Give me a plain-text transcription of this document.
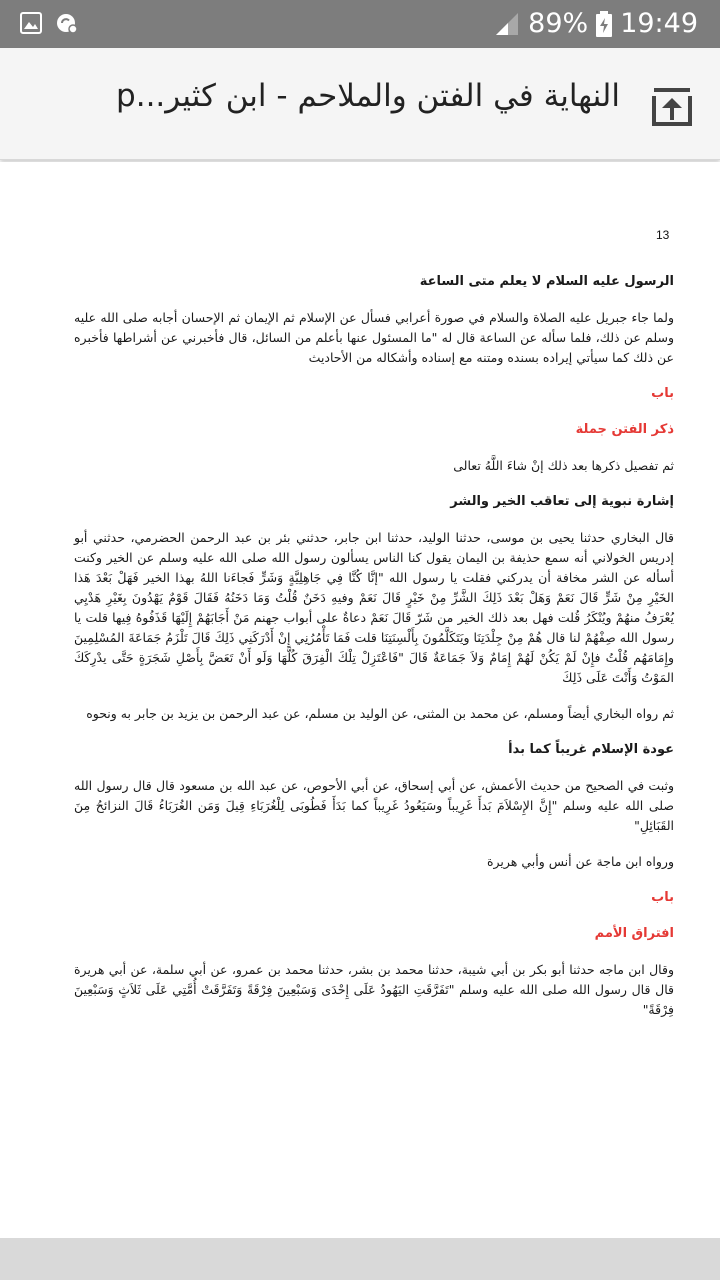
89% 19:49
النهاية في الفتن والملاحم - ابن كثير...p
13
الرسول عليه السلام لا يعلم متى الساعة
ولما جاء جبريل عليه الصلاة والسلام في صورة أعرابي فسأل عن الإسلام ثم الإيمان ثم الإحسان أجابه صلى الله عليه وسلم عن ذلك، فلما سأله عن الساعة قال له "ما المسئول عنها بأعلم من السائل، قال فأخبرني عن أشراطها فأخبره عن ذلك كما سيأتي إيراده بسنده ومتنه مع إسناده وأشكاله من الأحاديث
باب
ذكر الفتن جملة
ثم تفصيل ذكرها بعد ذلك إنْ شاءَ اللَّهُ تعالى
إشارة نبوية إلى تعاقب الخير والشر
قال البخاري حدثنا يحيى بن موسى، حدثنا الوليد، حدثنا ابن جابر، حدثني بئر بن عبد الرحمن الحضرمي، حدثني أبو إدريس الخولاني أنه سمع حذيفة بن اليمان يقول كنا الناس يسألون رسول الله صلى الله عليه وسلم عن الخير وكنت أسأله عن الشر مخافة أن يدركني فقلت يا رسول الله "إنَّا كُنَّا فِي جَاهِلِيَّةٍ وَشَرٍّ فَجاءَنا اللهُ بهذا الخير فَهَلْ بَعْدَ هَذا الخَيْرِ مِنْ شَرٍّ قَالَ نَعَمْ وَهَلْ بَعْدَ ذَلِكَ الشَّرِّ مِنْ خَيْرٍ قَالَ نَعَمْ وفيهِ دَخَنٌ قُلْتُ وَمَا دَخَنُهُ فَقَالَ قَوْمٌ يَهْدُونَ بِغَيْرِ هَدْيِي يُعْرَفُ منهُمْ ويُنْكَرُ قُلت فهل بعد ذلك الخير من شَرّ قَالَ نَعَمْ دعاةٌ على أبواب جهنم مَنْ أَجَابَهُمْ إِلَيْهَا قَذَفُوهُ فِيها قلت يا رسول الله صِفْهُمْ لنا قال هُمْ مِنْ جِلْدَتِنَا ويَتَكَلَّمُونَ بِأَلْسِنَتِنَا قلت فَمَا تَأْمُرُنِي إِنْ أَدْرَكَنِي ذَلِكَ قَالَ تَلْزَمُ جَمَاعَةَ المُسْلِمِينَ وإِمَامَهُم قُلْتُ فإِنْ لَمْ يَكُنْ لَهُمْ إِمَامٌ وَلاَ جَمَاعَةٌ قَالَ "فَاعْتَزِلْ تِلْكَ الْفِرَقَ كُلَّهَا وَلَو أَنْ تَعَضَّ بِأَصْلِ شَجَرَةٍ حَتَّى يدْرِكَكَ المَوْتُ وَأَنْتَ عَلَى ذَلِكَ
ثم رواه البخاري أيضاً ومسلم، عن محمد بن المثنى، عن الوليد بن مسلم، عن عبد الرحمن بن يزيد بن جابر به ونحوه
عودة الإسلام غريباً كما بدأ
وثبت في الصحيح من حديث الأعمش، عن أبي إسحاق، عن أبي الأحوص، عن عبد الله بن مسعود قال قال رسول الله صلى الله عليه وسلم "إِنَّ الإِسْلاَمَ بَدأَ غَرِيباً وسَيَعُودُ غَرِيباً كما بَدَأَ فَطُوبَى لِلْغُرَبَاءِ قِيلَ وَمَن الغُرَبَاءُ قَالَ النزائحُ مِنَ القَبَائِلِ"
ورواه ابن ماجة عن أنس وأبي هريرة
باب
افتراق الأمم
وقال ابن ماجه حدثنا أبو بكر بن أبي شيبة، حدثنا محمد بن بشر، حدثنا محمد بن عمرو، عن أبي سلمة، عن أبي هريرة قال قال رسول الله صلى الله عليه وسلم "تَفَرَّقَتِ اليَهُودُ عَلَى إِحْدَى وَسَبْعِينَ فِرْقَةً وَتَفَرَّقَتْ أُمَّتِي عَلَى ثَلاَثٍ وَسَبْعِينَ فِرْقَةً"
